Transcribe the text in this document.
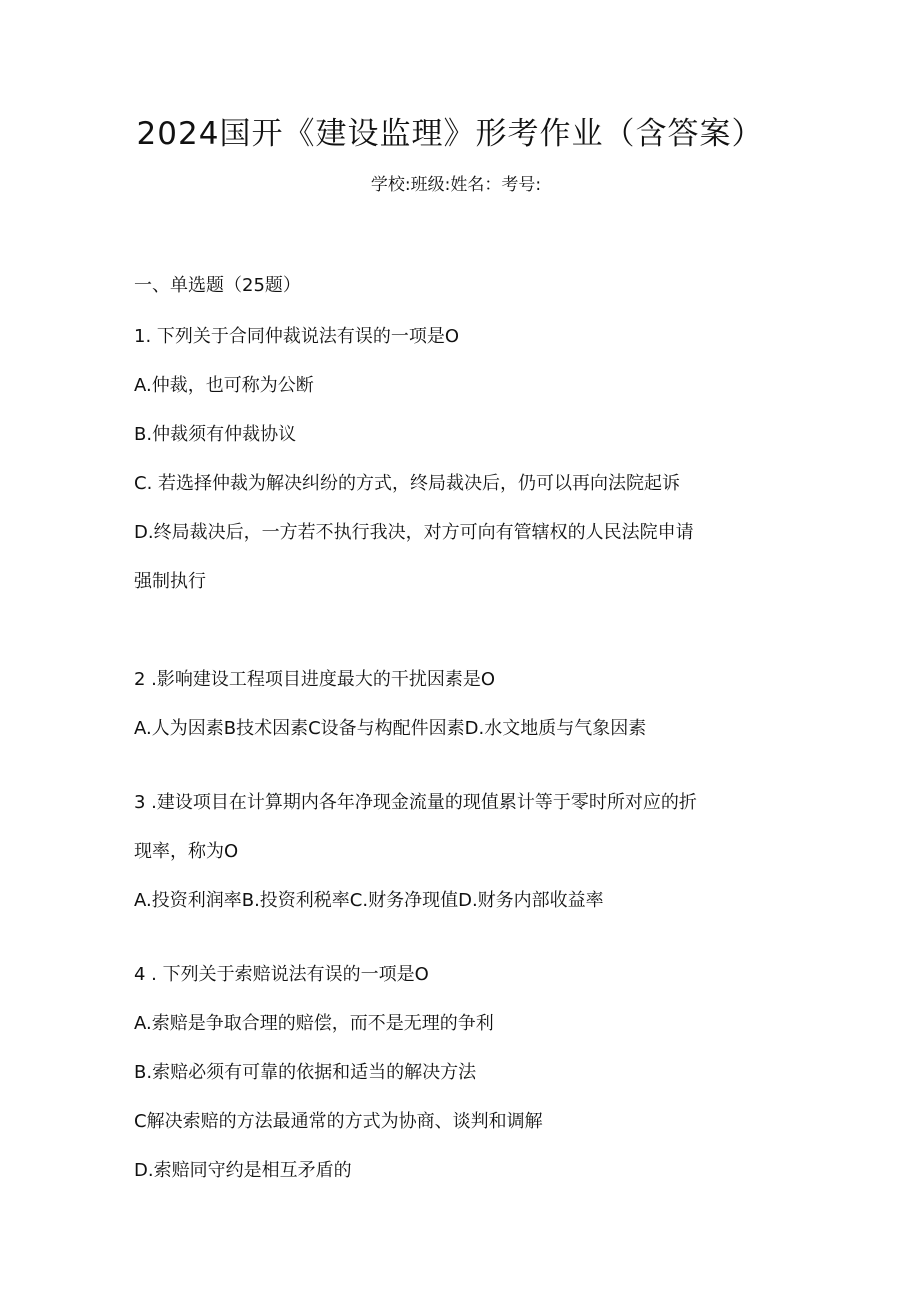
2024国开《建设监理》形考作业（含答案）
学校:班级:姓名：考号:
一、单选题（25题）
1. 下列关于合同仲裁说法有误的一项是O
A.仲裁，也可称为公断
B.仲裁须有仲裁协议
C. 若选择仲裁为解决纠纷的方式，终局裁决后，仍可以再向法院起诉
D.终局裁决后，一方若不执行我决，对方可向有管辖权的人民法院申请
强制执行
2 .影响建设工程项目进度最大的干扰因素是O
A.人为因素B技术因素C设备与构配件因素D.水文地质与气象因素
3 .建设项目在计算期内各年净现金流量的现值累计等于零时所对应的折
现率，称为O
A.投资利润率B.投资利税率C.财务净现值D.财务内部收益率
4 . 下列关于索赔说法有误的一项是O
A.索赔是争取合理的赔偿，而不是无理的争利
B.索赔必须有可靠的依据和适当的解决方法
C解决索赔的方法最通常的方式为协商、谈判和调解
D.索赔同守约是相互矛盾的
